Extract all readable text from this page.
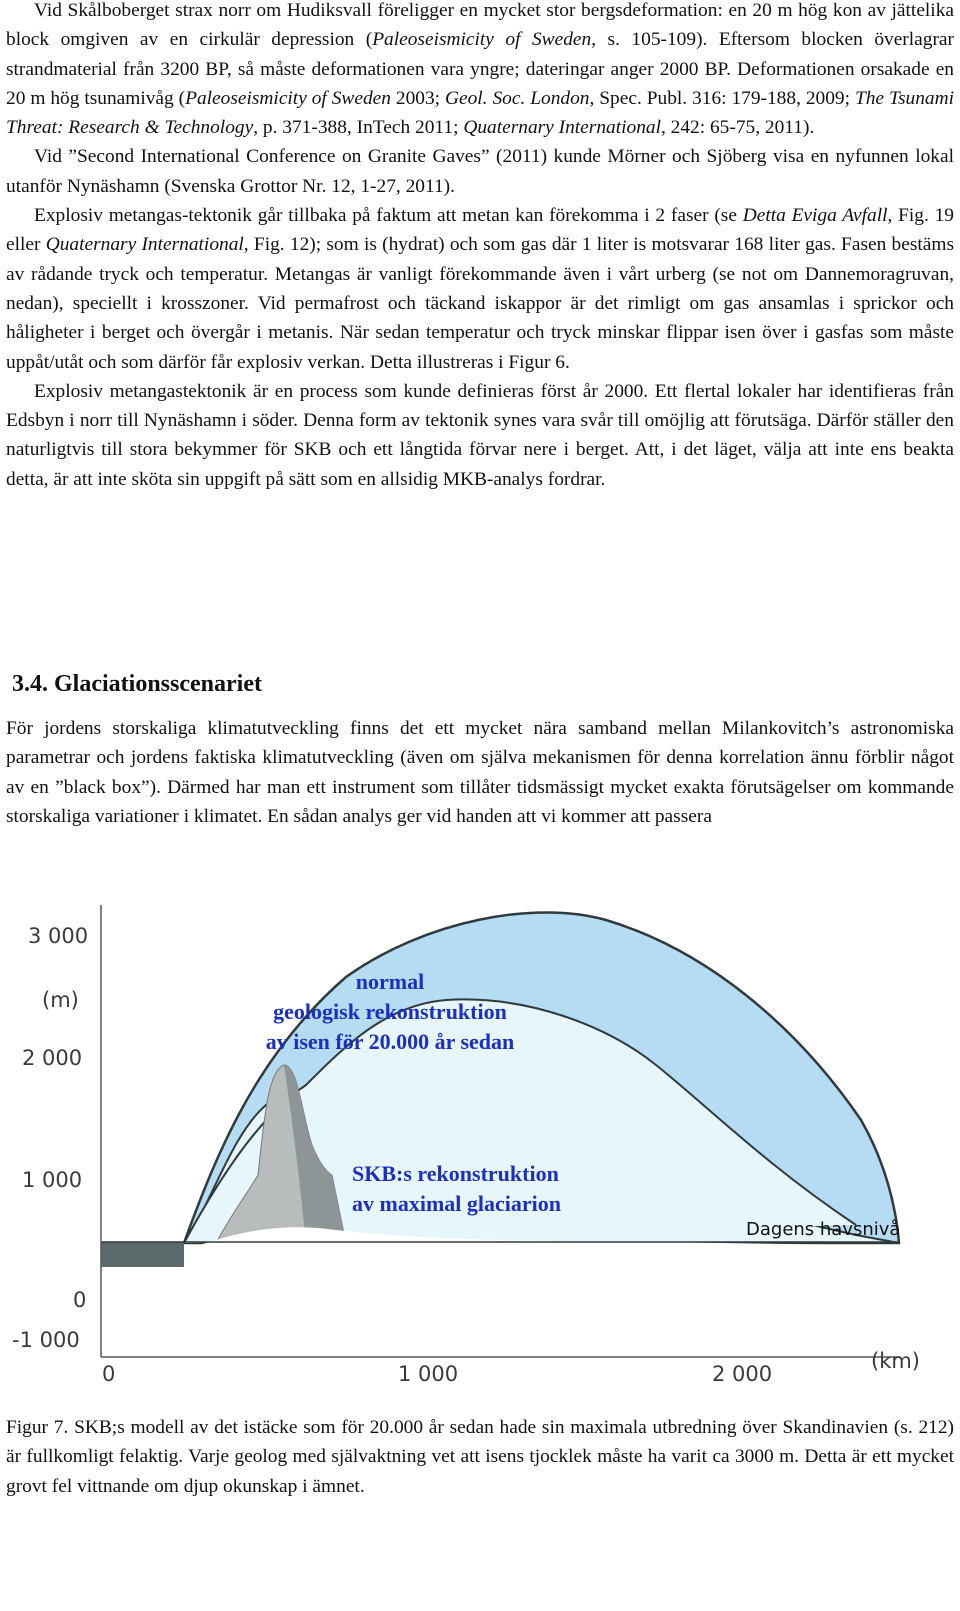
Vid Skålboberget strax norr om Hudiksvall föreligger en mycket stor bergsdeformation: en 20 m hög kon av jättelika block omgiven av en cirkulär depression (Paleoseismicity of Sweden, s. 105-109). Eftersom blocken överlagrar strandmaterial från 3200 BP, så måste deformationen vara yngre; dateringar anger 2000 BP. Deformationen orsakade en 20 m hög tsunamivåg (Paleoseismicity of Sweden 2003; Geol. Soc. London, Spec. Publ. 316: 179-188, 2009; The Tsunami Threat: Research & Technology, p. 371-388, InTech 2011; Quaternary International, 242: 65-75, 2011).

Vid ”Second International Conference on Granite Gaves” (2011) kunde Mörner och Sjöberg visa en nyfunnen lokal utanför Nynäshamn (Svenska Grottor Nr. 12, 1-27, 2011).

Explosiv metangas-tektonik går tillbaka på faktum att metan kan förekomma i 2 faser (se Detta Eviga Avfall, Fig. 19 eller Quaternary International, Fig. 12); som is (hydrat) och som gas där 1 liter is motsvarar 168 liter gas. Fasen bestäms av rådande tryck och temperatur. Metangas är vanligt förekommande även i vårt urberg (se not om Dannemoragruvan, nedan), speciellt i krosszoner. Vid permafrost och täckand iskappor är det rimligt om gas ansamlas i sprickor och håligheter i berget och övergår i metanis. När sedan temperatur och tryck minskar flippar isen över i gasfas som måste uppåt/utåt och som därför får explosiv verkan. Detta illustreras i Figur 6.

Explosiv metangastektonik är en process som kunde definieras först år 2000. Ett flertal lokaler har identifieras från Edsbyn i norr till Nynäshamn i söder. Denna form av tektonik synes vara svår till omöjlig att förutsäga. Därför ställer den naturligtvis till stora bekymmer för SKB och ett långtida förvar nere i berget. Att, i det läget, välja att inte ens beakta detta, är att inte sköta sin uppgift på sätt som en allsidig MKB-analys fordrar.

3.4. Glaciationsscenariet

För jordens storskaliga klimatutveckling finns det ett mycket nära samband mellan Milankovitch’s astronomiska parametrar och jordens faktiska klimatutveckling (även om själva mekanismen för denna korrelation ännu förblir något av en ”black box”). Därmed har man ett instrument som tillåter tidsmässigt mycket exakta förutsägelser om kommande storskaliga variationer i klimatet. En sådan analys ger vid handen att vi kommer att passera

3 000
(m)
2 000
1 000
0
-1 000
0	1 000	2 000
(km)
normal
geologisk rekonstruktion
av isen för 20.000 år sedan
SKB:s rekonstruktion
av maximal glaciarion
Dagens havsnivå

Figur 7. SKB;s modell av det istäcke som för 20.000 år sedan hade sin maximala utbredning över Skandinavien (s. 212) är fullkomligt felaktig. Varje geolog med självaktning vet att isens tjocklek måste ha varit ca 3000 m. Detta är ett mycket grovt fel vittnande om djup okunskap i ämnet.
